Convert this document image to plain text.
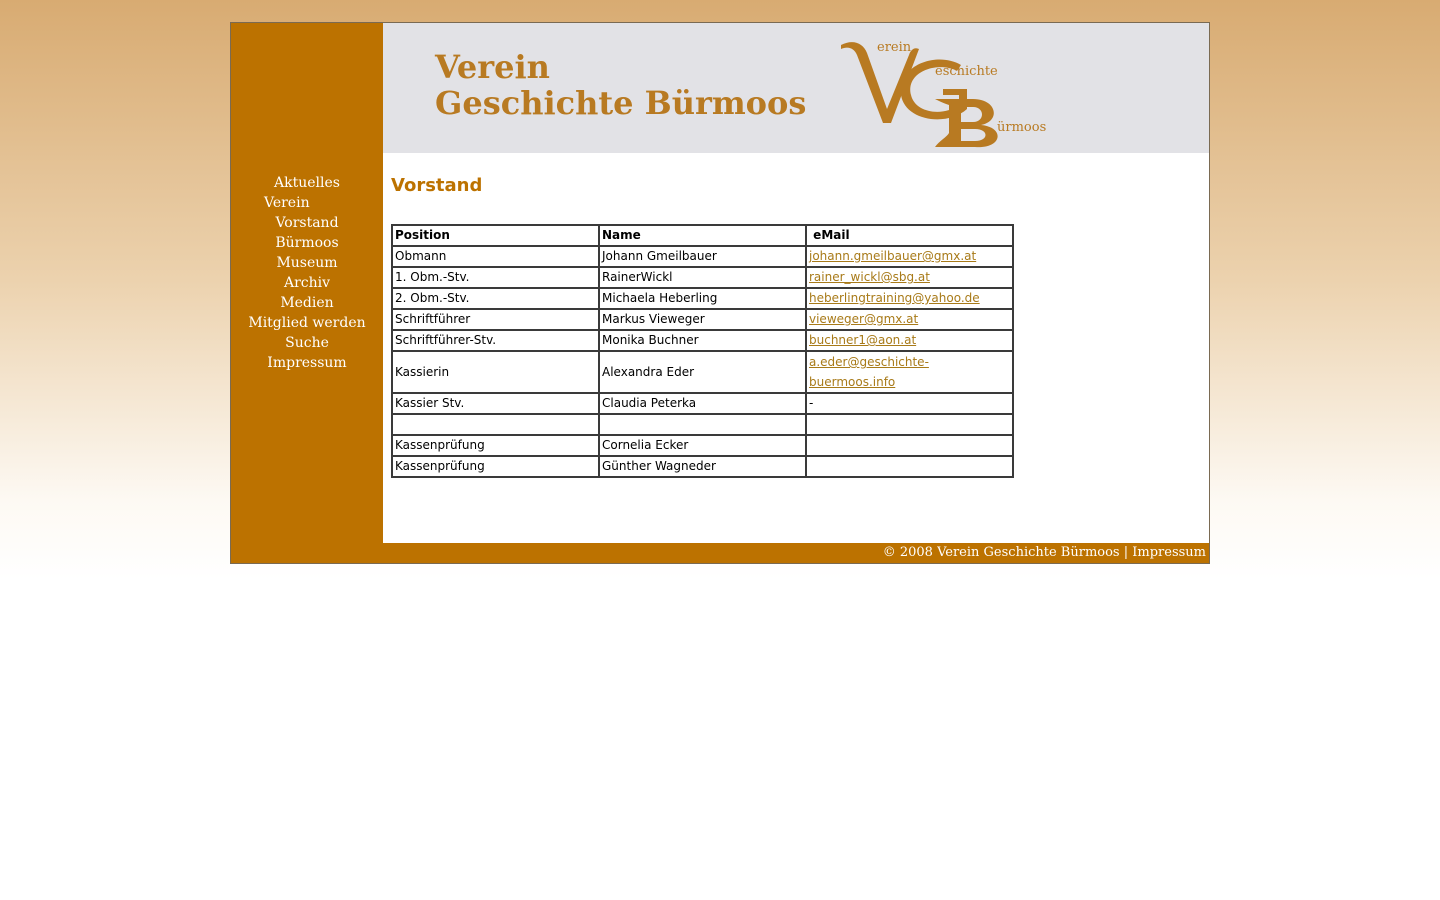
Aktuelles
Verein
Vorstand
Bürmoos
Museum
Archiv
Medien
Mitglied werden
Suche
Impressum
Verein
Geschichte Bürmoos
erein
eschichte
ürmoos
Vorstand
Position	Name	eMail
Obmann	Johann Gmeilbauer	johann.gmeilbauer@gmx.at
1. Obm.-Stv.	RainerWickl	rainer_wickl@sbg.at
2. Obm.-Stv.	Michaela Heberling	heberlingtraining@yahoo.de
Schriftführer	Markus Vieweger	vieweger@gmx.at
Schriftführer-Stv.	Monika Buchner	buchner1@aon.at
Kassierin	Alexandra Eder	a.eder@geschichte-buermoos.info
Kassier Stv.	Claudia Peterka	-

Kassenprüfung	Cornelia Ecker	
Kassenprüfung	Günther Wagneder	
© 2008 Verein Geschichte Bürmoos | Impressum
